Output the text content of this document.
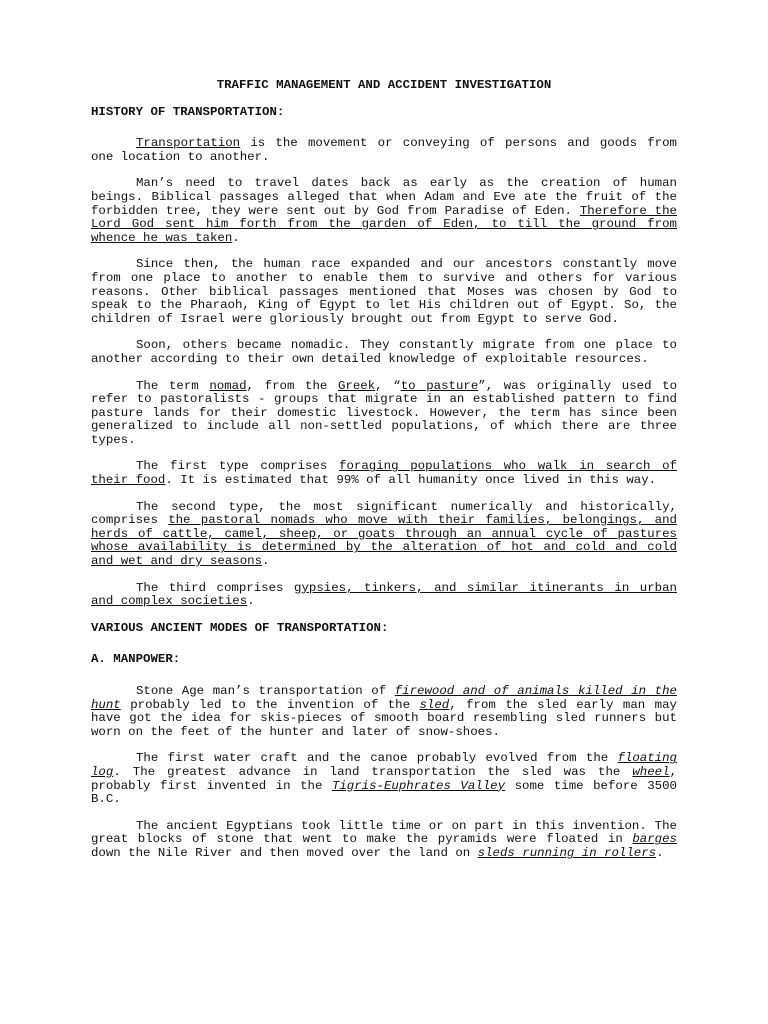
TRAFFIC MANAGEMENT AND ACCIDENT INVESTIGATION
HISTORY OF TRANSPORTATION:

Transportation is the movement or conveying of persons and goods from one location to another.

Man’s need to travel dates back as early as the creation of human beings. Biblical passages alleged that when Adam and Eve ate the fruit of the forbidden tree, they were sent out by God from Paradise of Eden. Therefore the Lord God sent him forth from the garden of Eden, to till the ground from whence he was taken.

Since then, the human race expanded and our ancestors constantly move from one place to another to enable them to survive and others for various reasons. Other biblical passages mentioned that Moses was chosen by God to speak to the Pharaoh, King of Egypt to let His children out of Egypt. So, the children of Israel were gloriously brought out from Egypt to serve God.

Soon, others became nomadic. They constantly migrate from one place to another according to their own detailed knowledge of exploitable resources.

The term nomad, from the Greek, “to pasture”, was originally used to refer to pastoralists - groups that migrate in an established pattern to find pasture lands for their domestic livestock. However, the term has since been generalized to include all non-settled populations, of which there are three types.

The first type comprises foraging populations who walk in search of their food. It is estimated that 99% of all humanity once lived in this way.

The second type, the most significant numerically and historically, comprises the pastoral nomads who move with their families, belongings, and herds of cattle, camel, sheep, or goats through an annual cycle of pastures whose availability is determined by the alteration of hot and cold and cold and wet and dry seasons.

The third comprises gypsies, tinkers, and similar itinerants in urban and complex societies.

VARIOUS ANCIENT MODES OF TRANSPORTATION:
A. MANPOWER:

Stone Age man’s transportation of firewood and of animals killed in the hunt probably led to the invention of the sled, from the sled early man may have got the idea for skis-pieces of smooth board resembling sled runners but worn on the feet of the hunter and later of snow-shoes.

The first water craft and the canoe probably evolved from the floating log. The greatest advance in land transportation the sled was the wheel, probably first invented in the Tigris-Euphrates Valley some time before 3500 B.C.

The ancient Egyptians took little time or on part in this invention. The great blocks of stone that went to make the pyramids were floated in barges down the Nile River and then moved over the land on sleds running in rollers.
